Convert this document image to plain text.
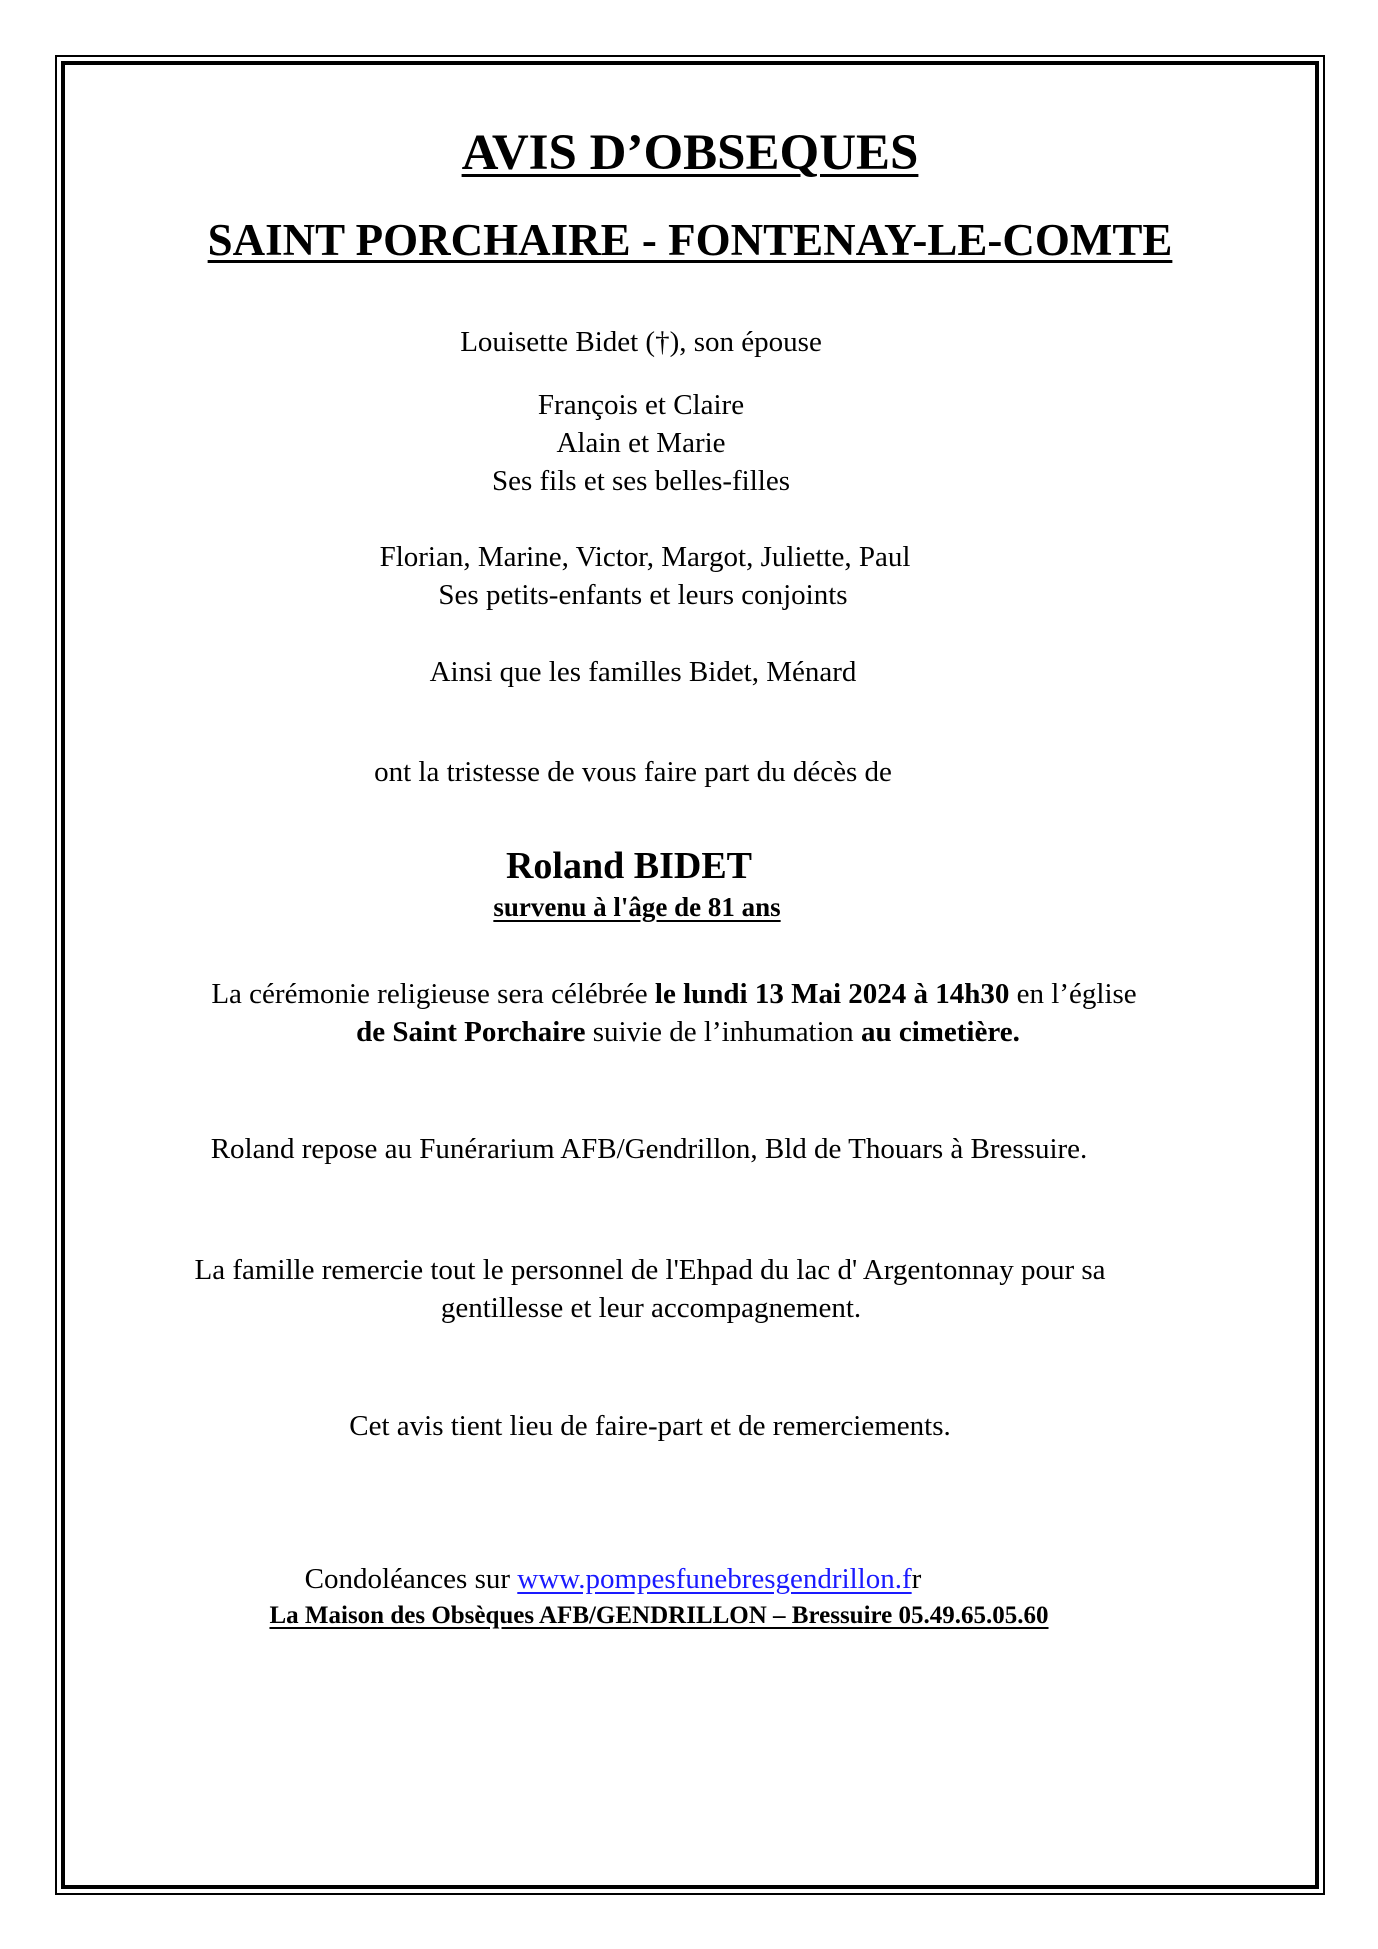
AVIS D’OBSEQUES
SAINT PORCHAIRE - FONTENAY-LE-COMTE
Louisette Bidet (†), son épouse
François et Claire
Alain et Marie
Ses fils et ses belles-filles
Florian, Marine, Victor, Margot, Juliette, Paul
Ses petits-enfants et leurs conjoints
Ainsi que les familles Bidet, Ménard
ont la tristesse de vous faire part du décès de
Roland BIDET
survenu à l'âge de 81 ans
La cérémonie religieuse sera célébrée le lundi 13 Mai 2024 à 14h30 en l’église
de Saint Porchaire suivie de l’inhumation au cimetière.
Roland repose au Funérarium AFB/Gendrillon, Bld de Thouars à Bressuire.
La famille remercie tout le personnel de l'Ehpad du lac d' Argentonnay pour sa
gentillesse et leur accompagnement.
Cet avis tient lieu de faire-part et de remerciements.
Condoléances sur www.pompesfunebresgendrillon.fr
La Maison des Obsèques AFB/GENDRILLON – Bressuire 05.49.65.05.60
